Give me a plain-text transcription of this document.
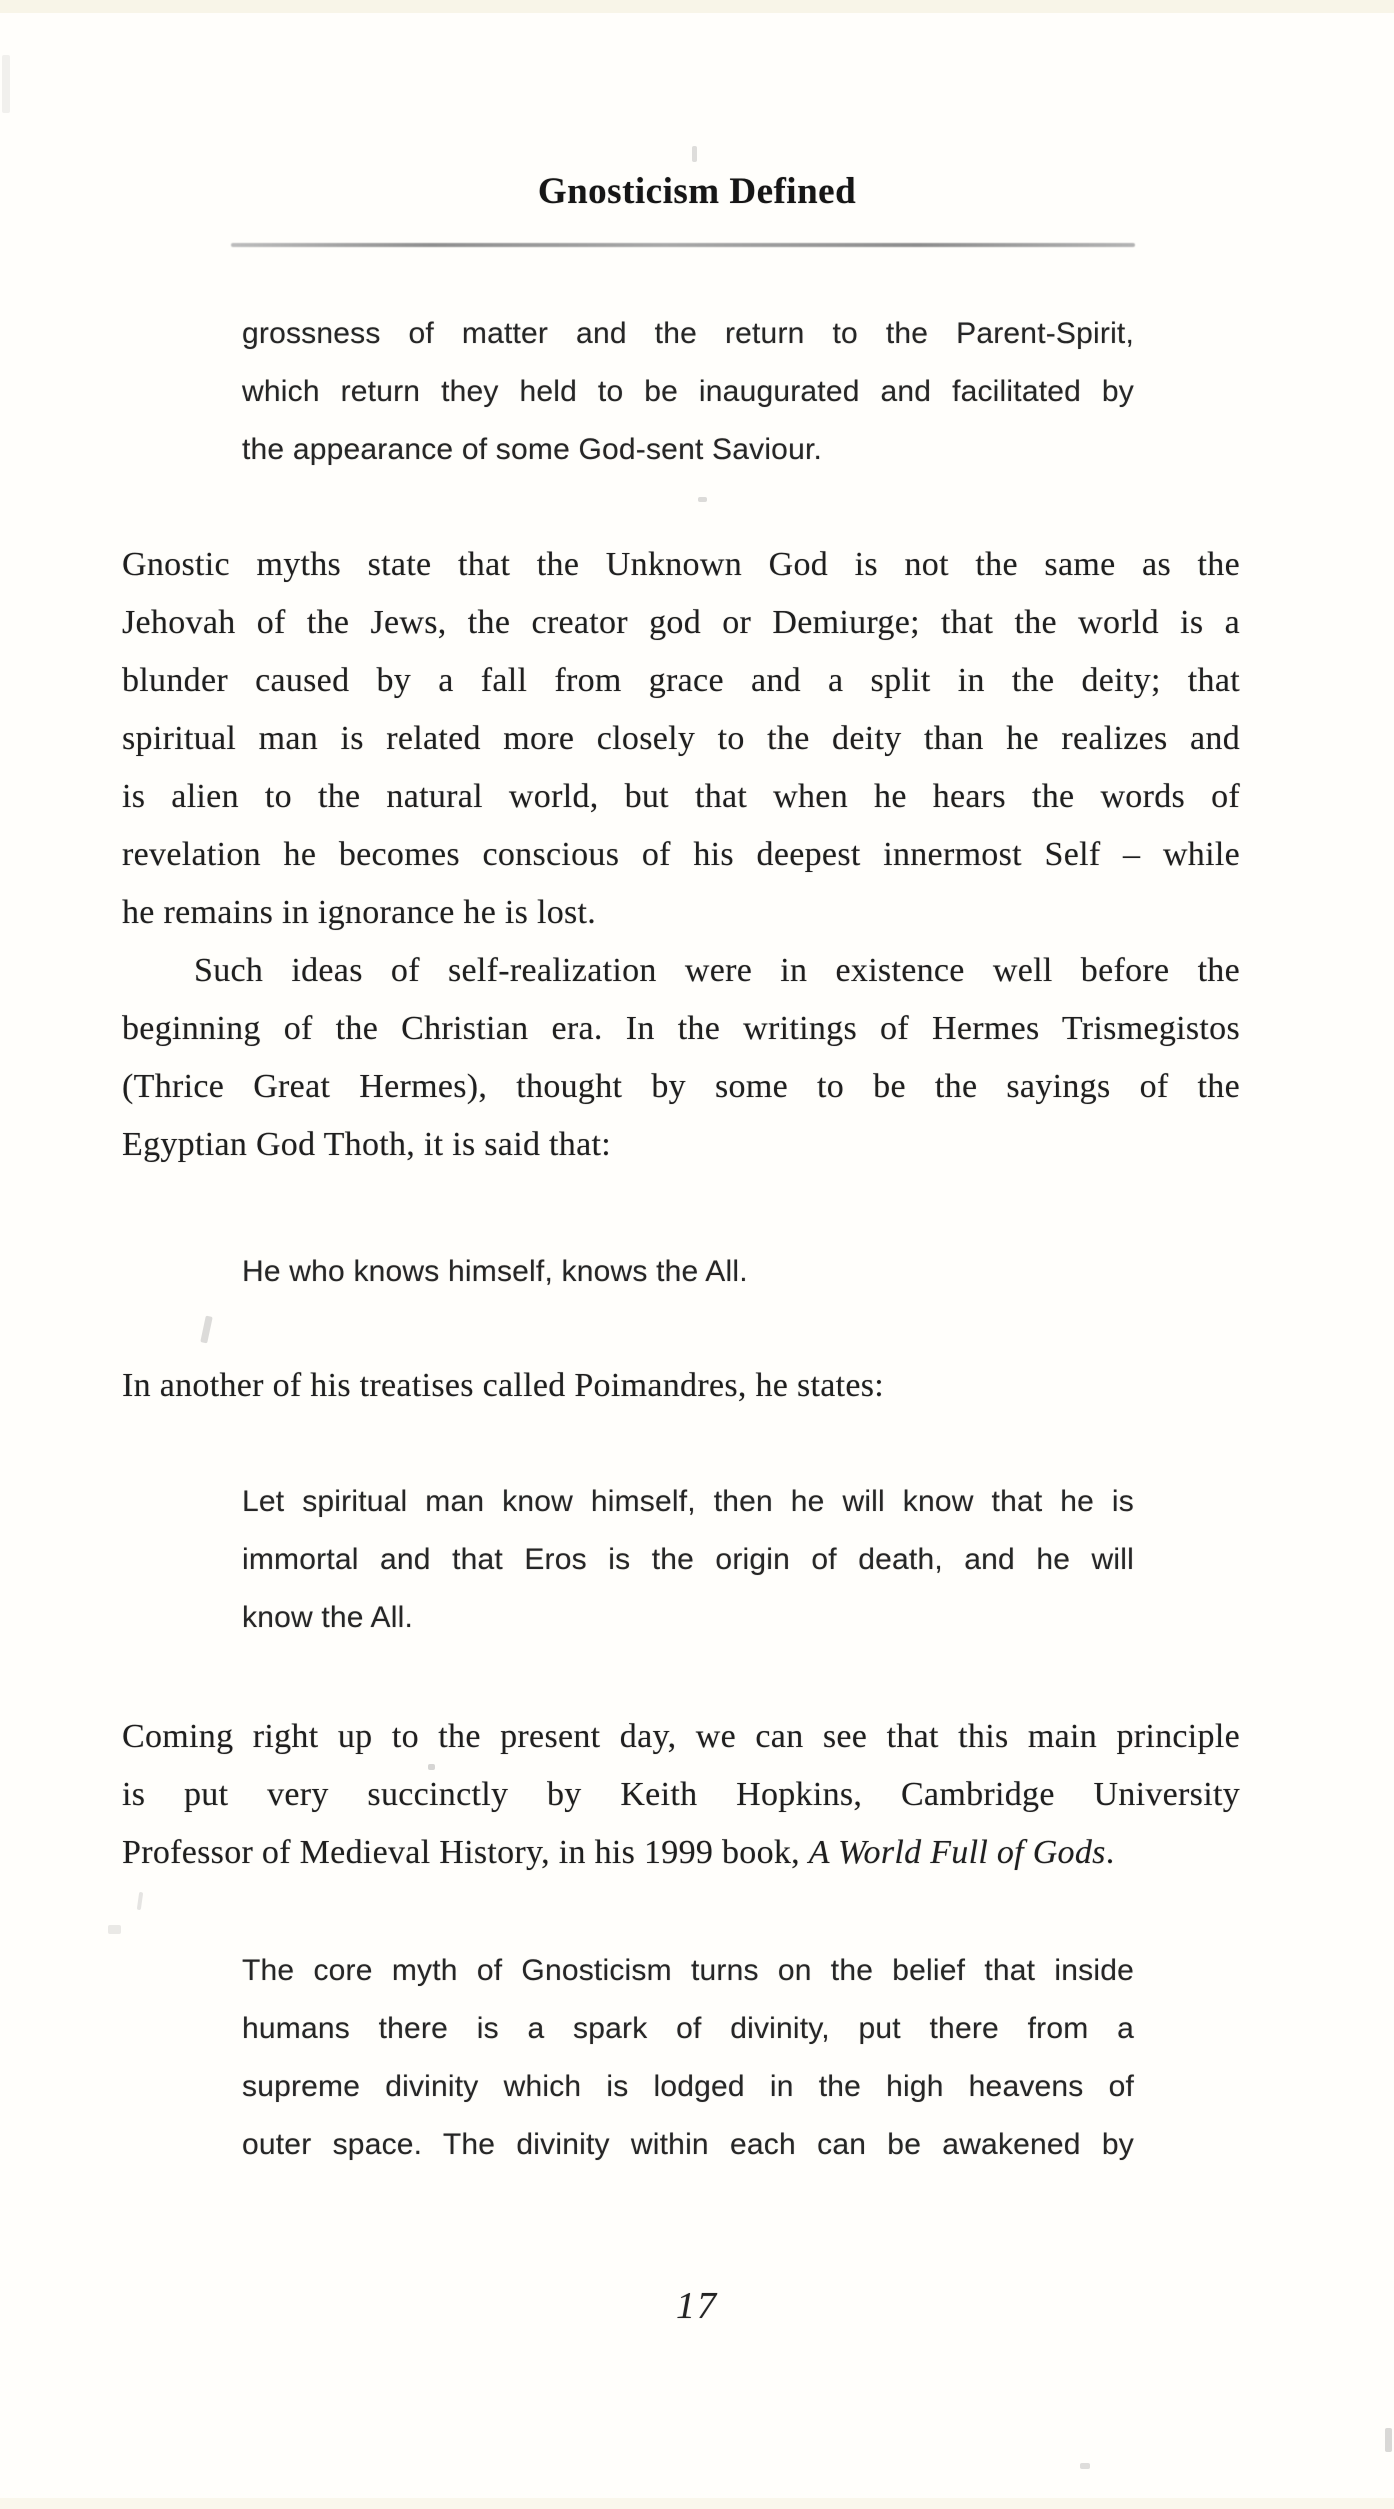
Gnosticism Defined
grossness of matter and the return to the Parent-Spirit,
which return they held to be inaugurated and facilitated by
the appearance of some God-sent Saviour.
Gnostic myths state that the Unknown God is not the same as the
Jehovah of the Jews, the creator god or Demiurge; that the world is a
blunder caused by a fall from grace and a split in the deity; that
spiritual man is related more closely to the deity than he realizes and
is alien to the natural world, but that when he hears the words of
revelation he becomes conscious of his deepest innermost Self – while
he remains in ignorance he is lost.
Such ideas of self-realization were in existence well before the
beginning of the Christian era. In the writings of Hermes Trismegistos
(Thrice Great Hermes), thought by some to be the sayings of the
Egyptian God Thoth, it is said that:
He who knows himself, knows the All.
In another of his treatises called Poimandres, he states:
Let spiritual man know himself, then he will know that he is
immortal and that Eros is the origin of death, and he will
know the All.
Coming right up to the present day, we can see that this main principle
is put very succinctly by Keith Hopkins, Cambridge University
Professor of Medieval History, in his 1999 book, A World Full of Gods.
The core myth of Gnosticism turns on the belief that inside
humans there is a spark of divinity, put there from a
supreme divinity which is lodged in the high heavens of
outer space. The divinity within each can be awakened by
17
